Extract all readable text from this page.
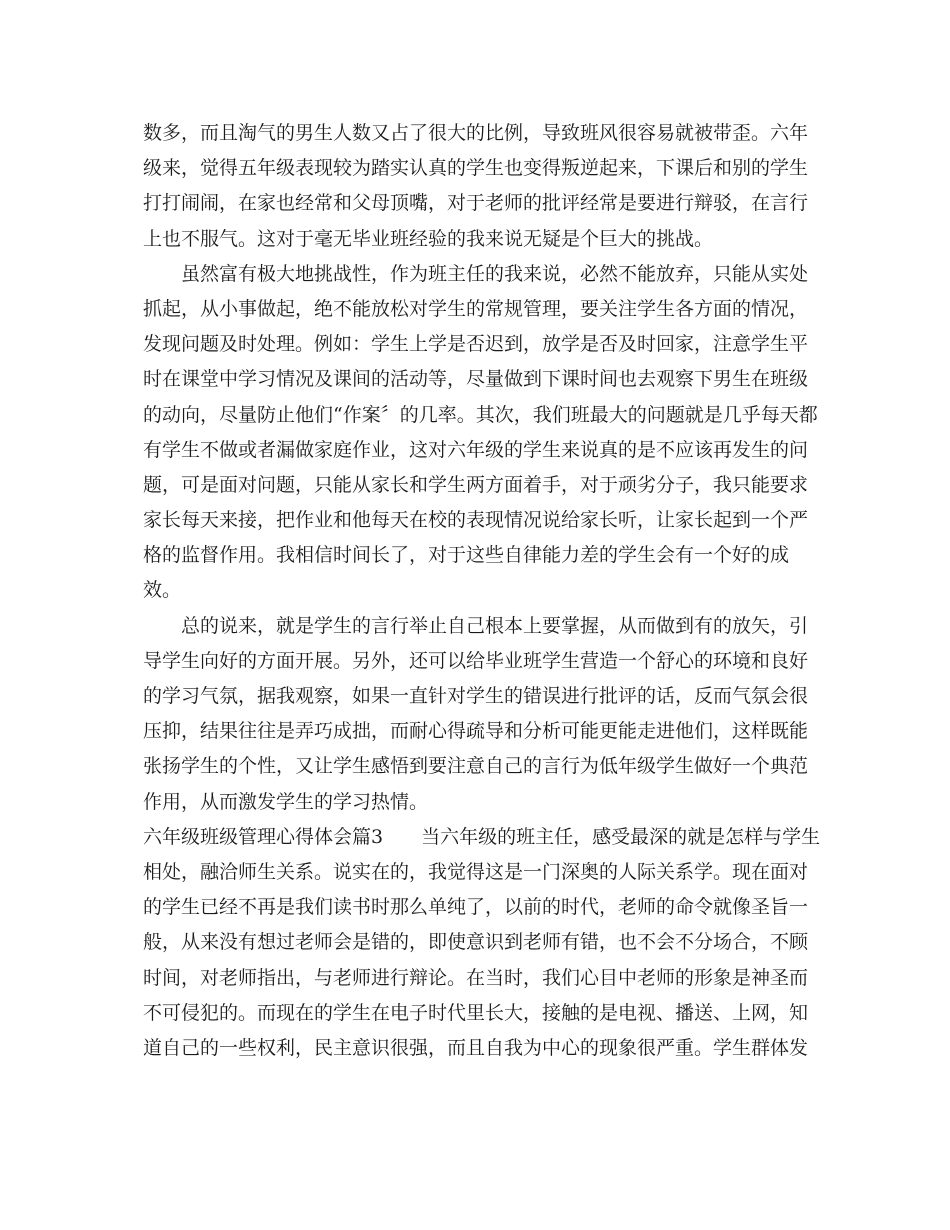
数多，而且淘气的男生人数又占了很大的比例，导致班风很容易就被带歪。六年
级来，觉得五年级表现较为踏实认真的学生也变得叛逆起来，下课后和别的学生
打打闹闹，在家也经常和父母顶嘴，对于老师的批评经常是要进行辩驳，在言行
上也不服气。这对于毫无毕业班经验的我来说无疑是个巨大的挑战。
虽然富有极大地挑战性，作为班主任的我来说，必然不能放弃，只能从实处
抓起，从小事做起，绝不能放松对学生的常规管理，要关注学生各方面的情况，
发现问题及时处理。例如：学生上学是否迟到，放学是否及时回家，注意学生平
时在课堂中学习情况及课间的活动等，尽量做到下课时间也去观察下男生在班级
的动向，尽量防止他们“作案〞的几率。其次，我们班最大的问题就是几乎每天都
有学生不做或者漏做家庭作业，这对六年级的学生来说真的是不应该再发生的问
题，可是面对问题，只能从家长和学生两方面着手，对于顽劣分子，我只能要求
家长每天来接，把作业和他每天在校的表现情况说给家长听，让家长起到一个严
格的监督作用。我相信时间长了，对于这些自律能力差的学生会有一个好的成
效。
总的说来，就是学生的言行举止自己根本上要掌握，从而做到有的放矢，引
导学生向好的方面开展。另外，还可以给毕业班学生营造一个舒心的环境和良好
的学习气氛，据我观察，如果一直针对学生的错误进行批评的话，反而气氛会很
压抑，结果往往是弄巧成拙，而耐心得疏导和分析可能更能走进他们，这样既能
张扬学生的个性，又让学生感悟到要注意自己的言行为低年级学生做好一个典范
作用，从而激发学生的学习热情。
六年级班级管理心得体会篇3　　当六年级的班主任，感受最深的就是怎样与学生
相处，融洽师生关系。说实在的，我觉得这是一门深奥的人际关系学。现在面对
的学生已经不再是我们读书时那么单纯了，以前的时代，老师的命令就像圣旨一
般，从来没有想过老师会是错的，即使意识到老师有错，也不会不分场合，不顾
时间，对老师指出，与老师进行辩论。在当时，我们心目中老师的形象是神圣而
不可侵犯的。而现在的学生在电子时代里长大，接触的是电视、播送、上网，知
道自己的一些权利，民主意识很强，而且自我为中心的现象很严重。学生群体发
